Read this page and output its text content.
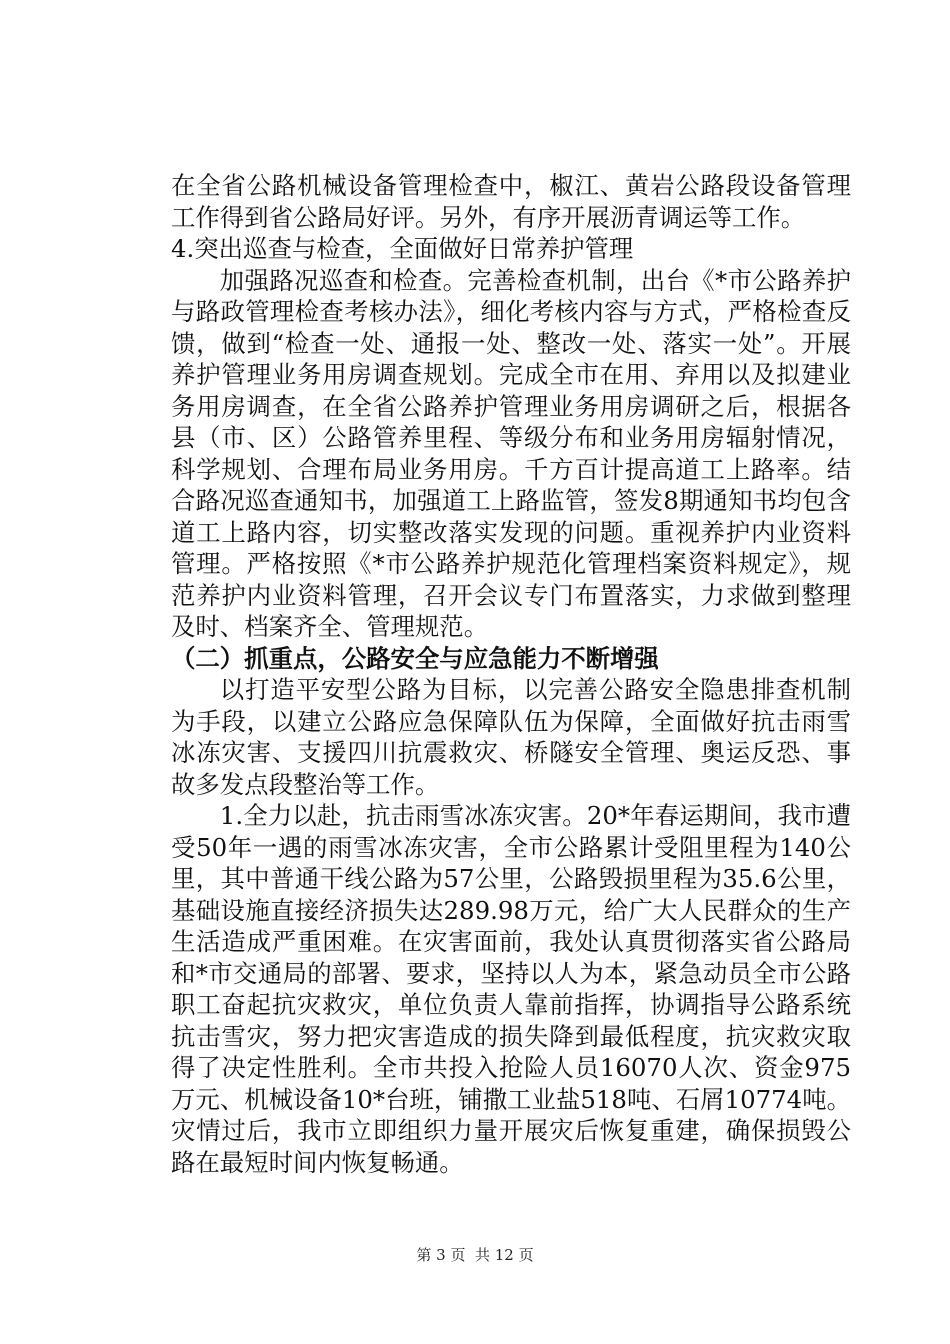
在全省公路机械设备管理检查中，椒江、黄岩公路段设备管理工作得到省公路局好评。另外，有序开展沥青调运等工作。

4.突出巡查与检查，全面做好日常养护管理

加强路况巡查和检查。完善检查机制，出台《*市公路养护与路政管理检查考核办法》，细化考核内容与方式，严格检查反馈，做到“检查一处、通报一处、整改一处、落实一处”。开展养护管理业务用房调查规划。完成全市在用、弃用以及拟建业务用房调查，在全省公路养护管理业务用房调研之后，根据各县（市、区）公路管养里程、等级分布和业务用房辐射情况，科学规划、合理布局业务用房。千方百计提高道工上路率。结合路况巡查通知书，加强道工上路监管，签发8期通知书均包含道工上路内容，切实整改落实发现的问题。重视养护内业资料管理。严格按照《*市公路养护规范化管理档案资料规定》，规范养护内业资料管理，召开会议专门布置落实，力求做到整理及时、档案齐全、管理规范。

（二）抓重点，公路安全与应急能力不断增强

以打造平安型公路为目标，以完善公路安全隐患排查机制为手段，以建立公路应急保障队伍为保障，全面做好抗击雨雪冰冻灾害、支援四川抗震救灾、桥隧安全管理、奥运反恐、事故多发点段整治等工作。

1.全力以赴，抗击雨雪冰冻灾害。20*年春运期间，我市遭受50年一遇的雨雪冰冻灾害，全市公路累计受阻里程为140公里，其中普通干线公路为57公里，公路毁损里程为35.6公里，基础设施直接经济损失达289.98万元，给广大人民群众的生产生活造成严重困难。在灾害面前，我处认真贯彻落实省公路局和*市交通局的部署、要求，坚持以人为本，紧急动员全市公路职工奋起抗灾救灾，单位负责人靠前指挥，协调指导公路系统抗击雪灾，努力把灾害造成的损失降到最低程度，抗灾救灾取得了决定性胜利。全市共投入抢险人员16070人次、资金975万元、机械设备10*台班，铺撒工业盐518吨、石屑10774吨。灾情过后，我市立即组织力量开展灾后恢复重建，确保损毁公路在最短时间内恢复畅通。

第 3 页  共 12 页
